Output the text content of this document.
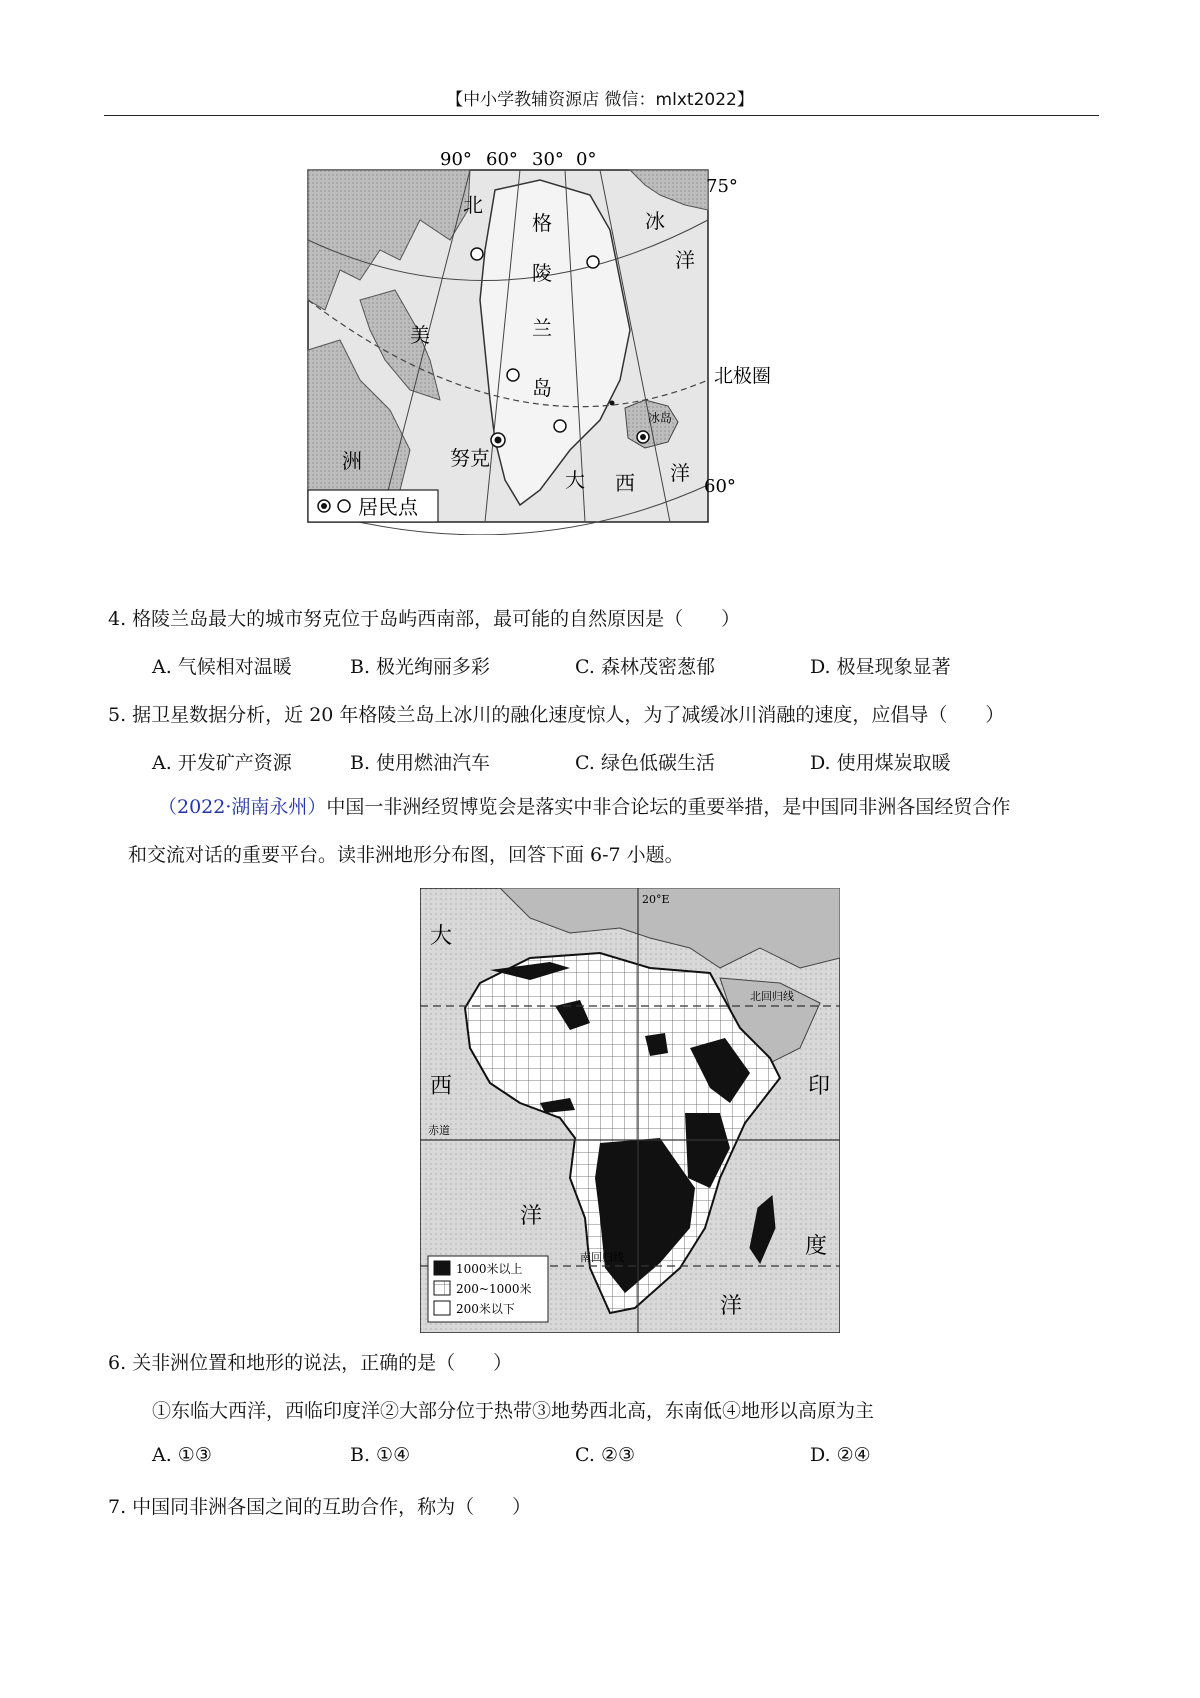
【中小学教辅资源店 微信：mlxt2022】
90° 60° 30° 0°
75°
60°
北极圈
格
陵
兰
岛
北
冰
洋
美
洲	努克
大 西 洋
冰岛
居民点
4. 格陵兰岛最大的城市努克位于岛屿西南部，最可能的自然原因是（　　）
A. 气候相对温暖	B. 极光绚丽多彩	C. 森林茂密葱郁	D. 极昼现象显著
5. 据卫星数据分析，近 20 年格陵兰岛上冰川的融化速度惊人，为了减缓冰川消融的速度，应倡导（　　）
A. 开发矿产资源	B. 使用燃油汽车	C. 绿色低碳生活	D. 使用煤炭取暖
（2022·湖南永州）中国一非洲经贸博览会是落实中非合论坛的重要举措，是中国同非洲各国经贸合作
和交流对话的重要平台。读非洲地形分布图，回答下面 6-7 小题。
大
西
洋
印
度
洋
20°E
北回归线
赤道
南回归线
1000米以上
200~1000米
200米以下
6. 关非洲位置和地形的说法，正确的是（　　）
①东临大西洋，西临印度洋②大部分位于热带③地势西北高，东南低④地形以高原为主
A. ①③	B. ①④	C. ②③	D. ②④
7. 中国同非洲各国之间的互助合作，称为（　　）
